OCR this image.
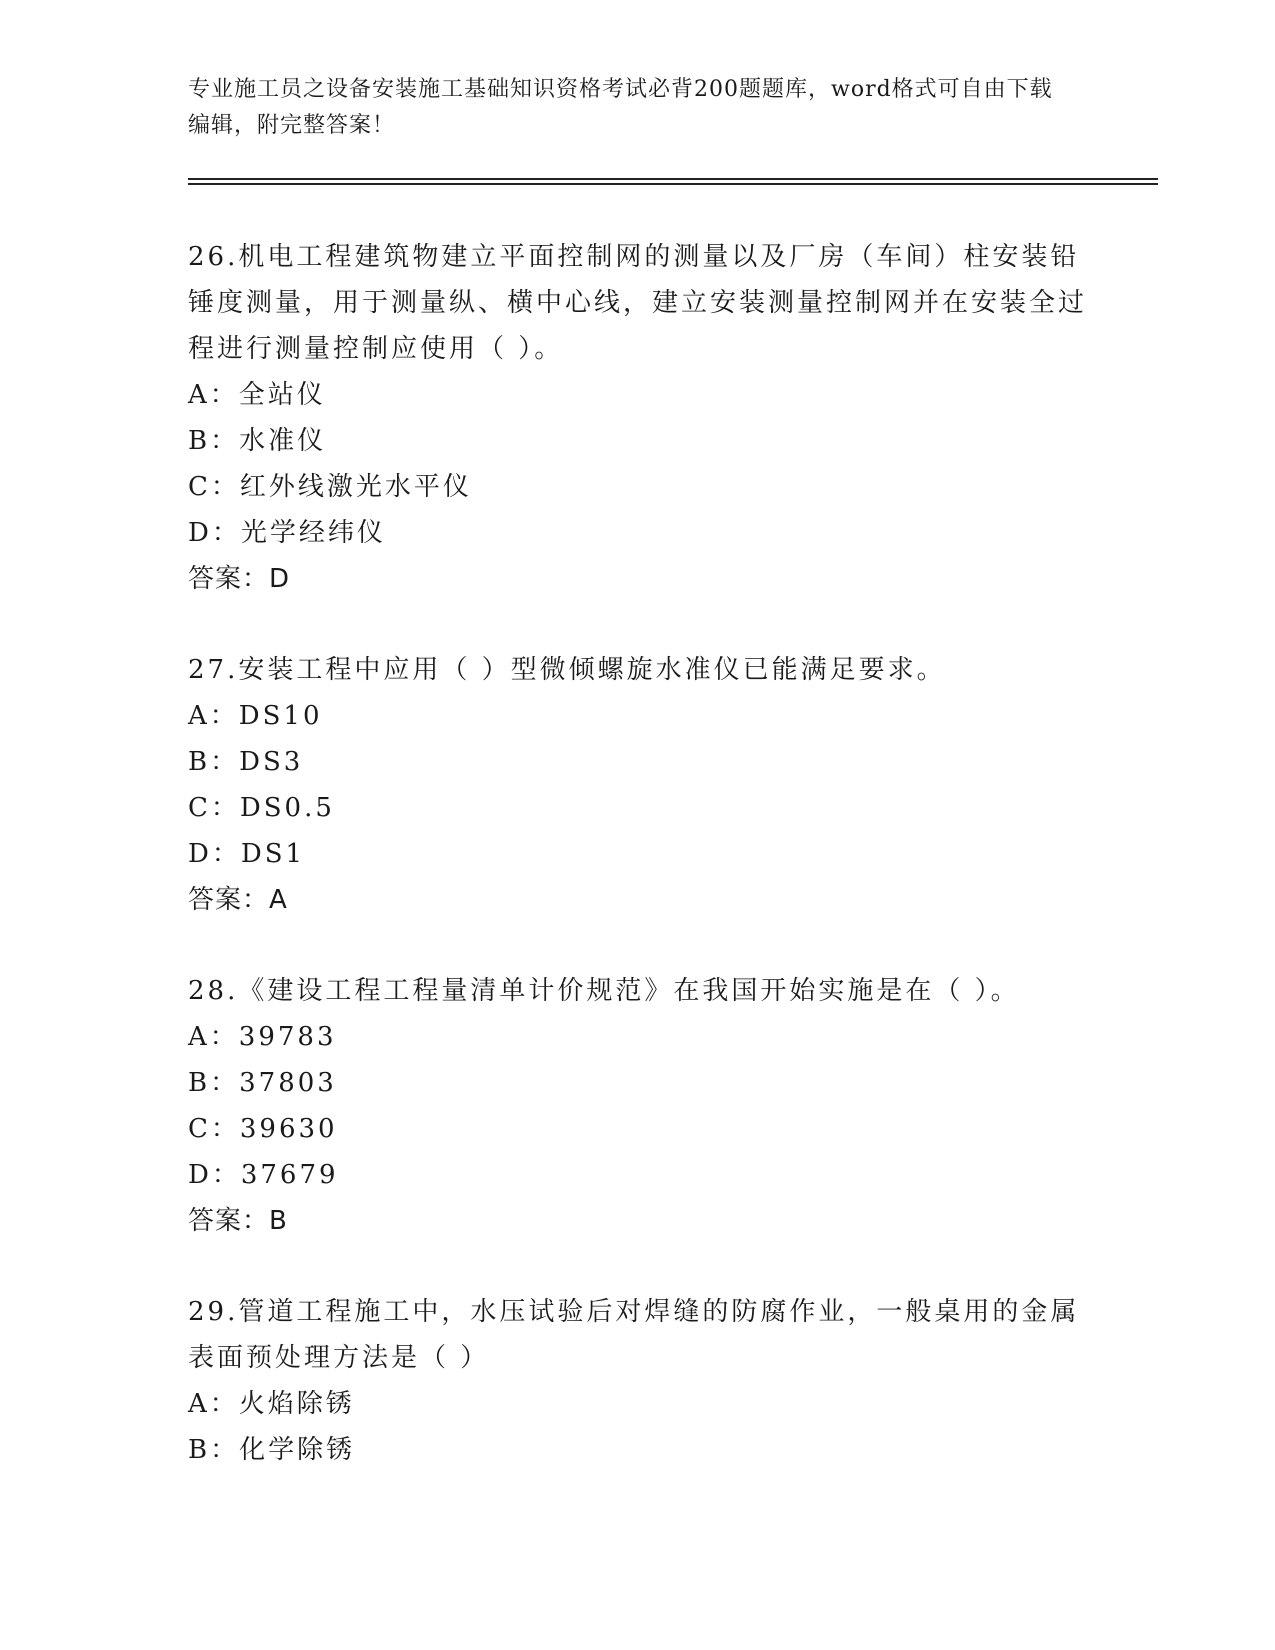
专业施工员之设备安装施工基础知识资格考试必背200题题库，word格式可自由下载编辑，附完整答案！

26.机电工程建筑物建立平面控制网的测量以及厂房（车间）柱安装铅锤度测量，用于测量纵、横中心线，建立安装测量控制网并在安装全过程进行测量控制应使用（ ）。

A：全站仪

B：水准仪

C：红外线激光水平仪

D：光学经纬仪

答案：D

27.安装工程中应用（ ）型微倾螺旋水准仪已能满足要求。

A：DS10

B：DS3

C：DS0.5

D：DS1

答案：A

28.《建设工程工程量清单计价规范》在我国开始实施是在（ ）。

A：39783

B：37803

C：39630

D：37679

答案：B

29.管道工程施工中，水压试验后对焊缝的防腐作业，一般桌用的金属表面预处理方法是（ ）

A：火焰除锈

B：化学除锈
